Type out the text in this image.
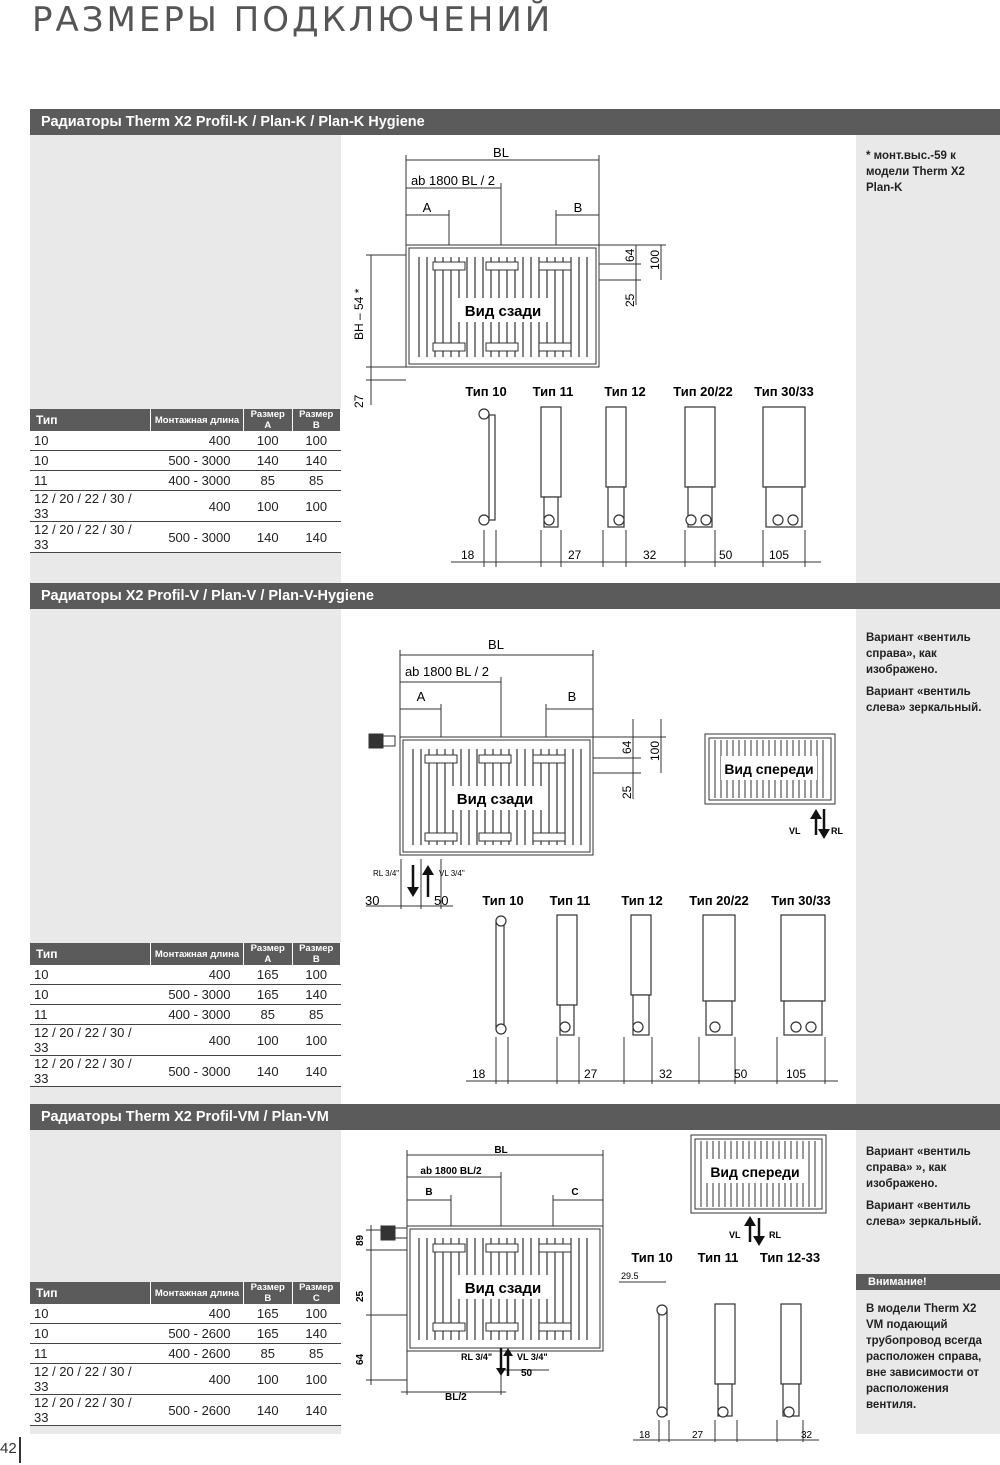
РАЗМЕРЫ ПОДКЛЮЧЕНИЙ
Радиаторы Therm X2 Profil-K / Plan-K / Plan-K Hygiene

* монт.выс.-59 к модели Therm X2 Plan-K

Тип	Монтажная длина	Размер A	Размер B
10	400	100	100
10	500 - 3000	140	140
11	400 - 3000	85	85
12 / 20 / 22 / 30 / 33	400	100	100
12 / 20 / 22 / 30 / 33	500 - 3000	140	140
Вид сзади
BL
ab 1800 BL / 2
A	B
64 100
25
BH – 54 *
27
Тип 10 Тип 11 Тип 12 Тип 20/22 Тип 30/33
18	27	32	50	105
Радиаторы X2 Profil-V / Plan-V / Plan-V-Hygiene

Вариант «вентиль справа», как изображено.

Вариант «вентиль слева» зеркальный.

Тип	Монтажная длина	Размер A	Размер B
10	400	165	100
10	500 - 3000	165	140
11	400 - 3000	85	85
12 / 20 / 22 / 30 / 33	400	100	100
12 / 20 / 22 / 30 / 33	500 - 3000	140	140
Вид сзади
BL
ab 1800 BL / 2
A	B
64 100
25
RL 3/4"	VL 3/4"
30	50
Вид спереди
VL	RL
Тип 10 Тип 11 Тип 12 Тип 20/22 Тип 30/33
18	27	32	50	105
Радиаторы Therm X2 Profil-VM / Plan-VM

Вариант «вентиль справа» », как изображено.

Вариант «вентиль слева» зеркальный.

Внимание!

В модели Therm X2 VM подающий трубопровод всегда расположен справа, вне зависимости от расположения вентиля.

Тип	Монтажная длина	Размер B	Размер C
10	400	165	100
10	500 - 2600	165	140
11	400 - 2600	85	85
12 / 20 / 22 / 30 / 33	400	100	100
12 / 20 / 22 / 30 / 33	500 - 2600	140	140
Вид сзади
BL
ab 1800 BL/2
B	C
89
25
64	RL 3/4"	VL 3/4"
50
BL/2
Вид спереди
VL	RL
Тип 10 Тип 11 Тип 12-33
29.5
18	27	32
42
